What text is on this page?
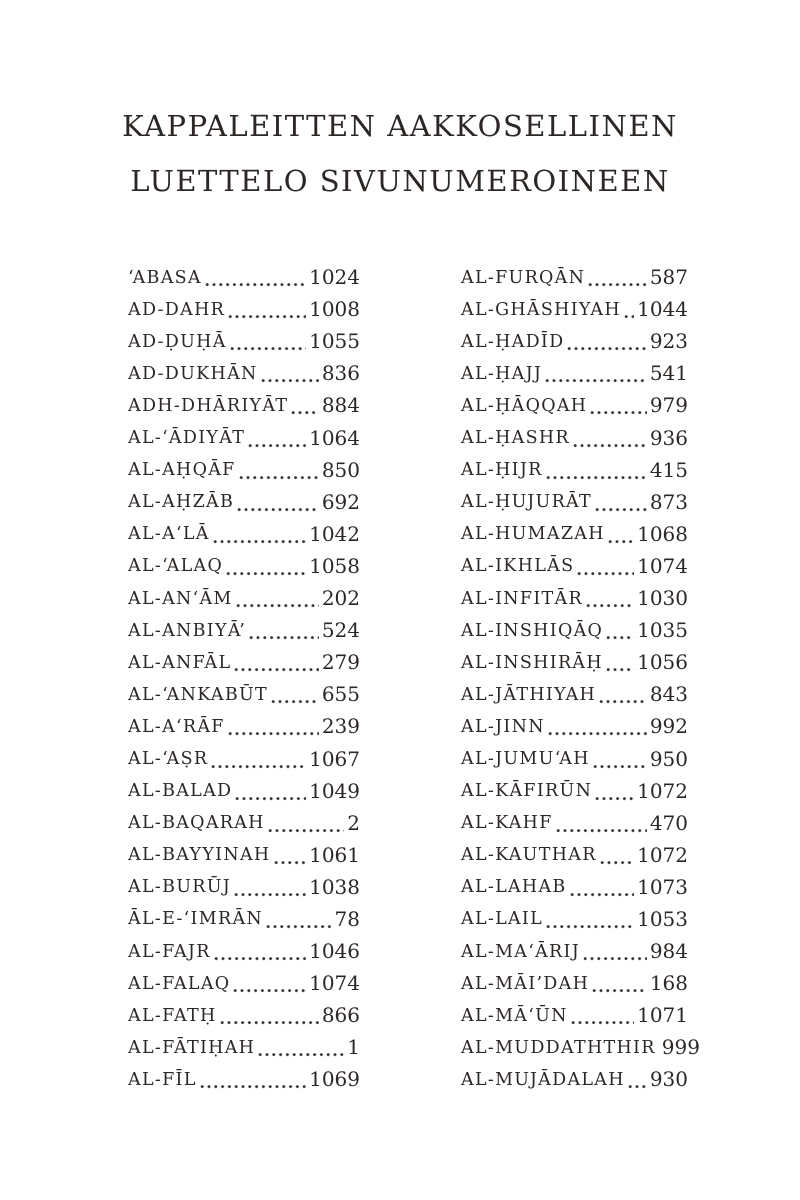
KAPPALEITTEN AAKKOSELLINEN
LUETTELO SIVUNUMEROINEEN
‘ABASA	1024
AD-DAHR	1008
AD-ḌUḤĀ	1055
AD-DUKHĀN	836
ADH-DHĀRIYĀT 884
AL-‘ĀDIYĀT	1064
AL-AḤQĀF	850
AL-AḤZĀB	692
AL-A‘LĀ	1042
AL-‘ALAQ	1058
AL-AN‘ĀM	202
AL-ANBIYĀ’	524
AL-ANFĀL	279
AL-‘ANKABŪT	655
AL-A‘RĀF	239
AL-‘AṢR	1067
AL-BALAD	1049
AL-BAQARAH	2
AL-BAYYINAH 1061
AL-BURŪJ	1038
ĀL-E-‘IMRĀN	78
AL-FAJR	1046
AL-FALAQ	1074
AL-FATḤ	866
AL-FĀTIḤAH	1
AL-FĪL	1069
AL-FURQĀN	587
AL-GHĀSHIYAH 1044
AL-ḤADĪD	923
AL-ḤAJJ	541
AL-ḤĀQQAH	979
AL-ḤASHR	936
AL-ḤIJR	415
AL-ḤUJURĀT	873
AL-HUMAZAH 1068
AL-IKHLĀS	1074
AL-INFITĀR	1030
AL-INSHIQĀQ 1035
AL-INSHIRĀḤ 1056
AL-JĀTHIYAH	843
AL-JINN	992
AL-JUMU‘AH	950
AL-KĀFIRŪN 1072
AL-KAHF	470
AL-KAUTHAR 1072
AL-LAHAB	1073
AL-LAIL	1053
AL-MA‘ĀRIJ	984
AL-MĀI’DAH	168
AL-MĀ‘ŪN	1071
AL-MUDDATHTHIR 999
AL-MUJĀDALAH 930
